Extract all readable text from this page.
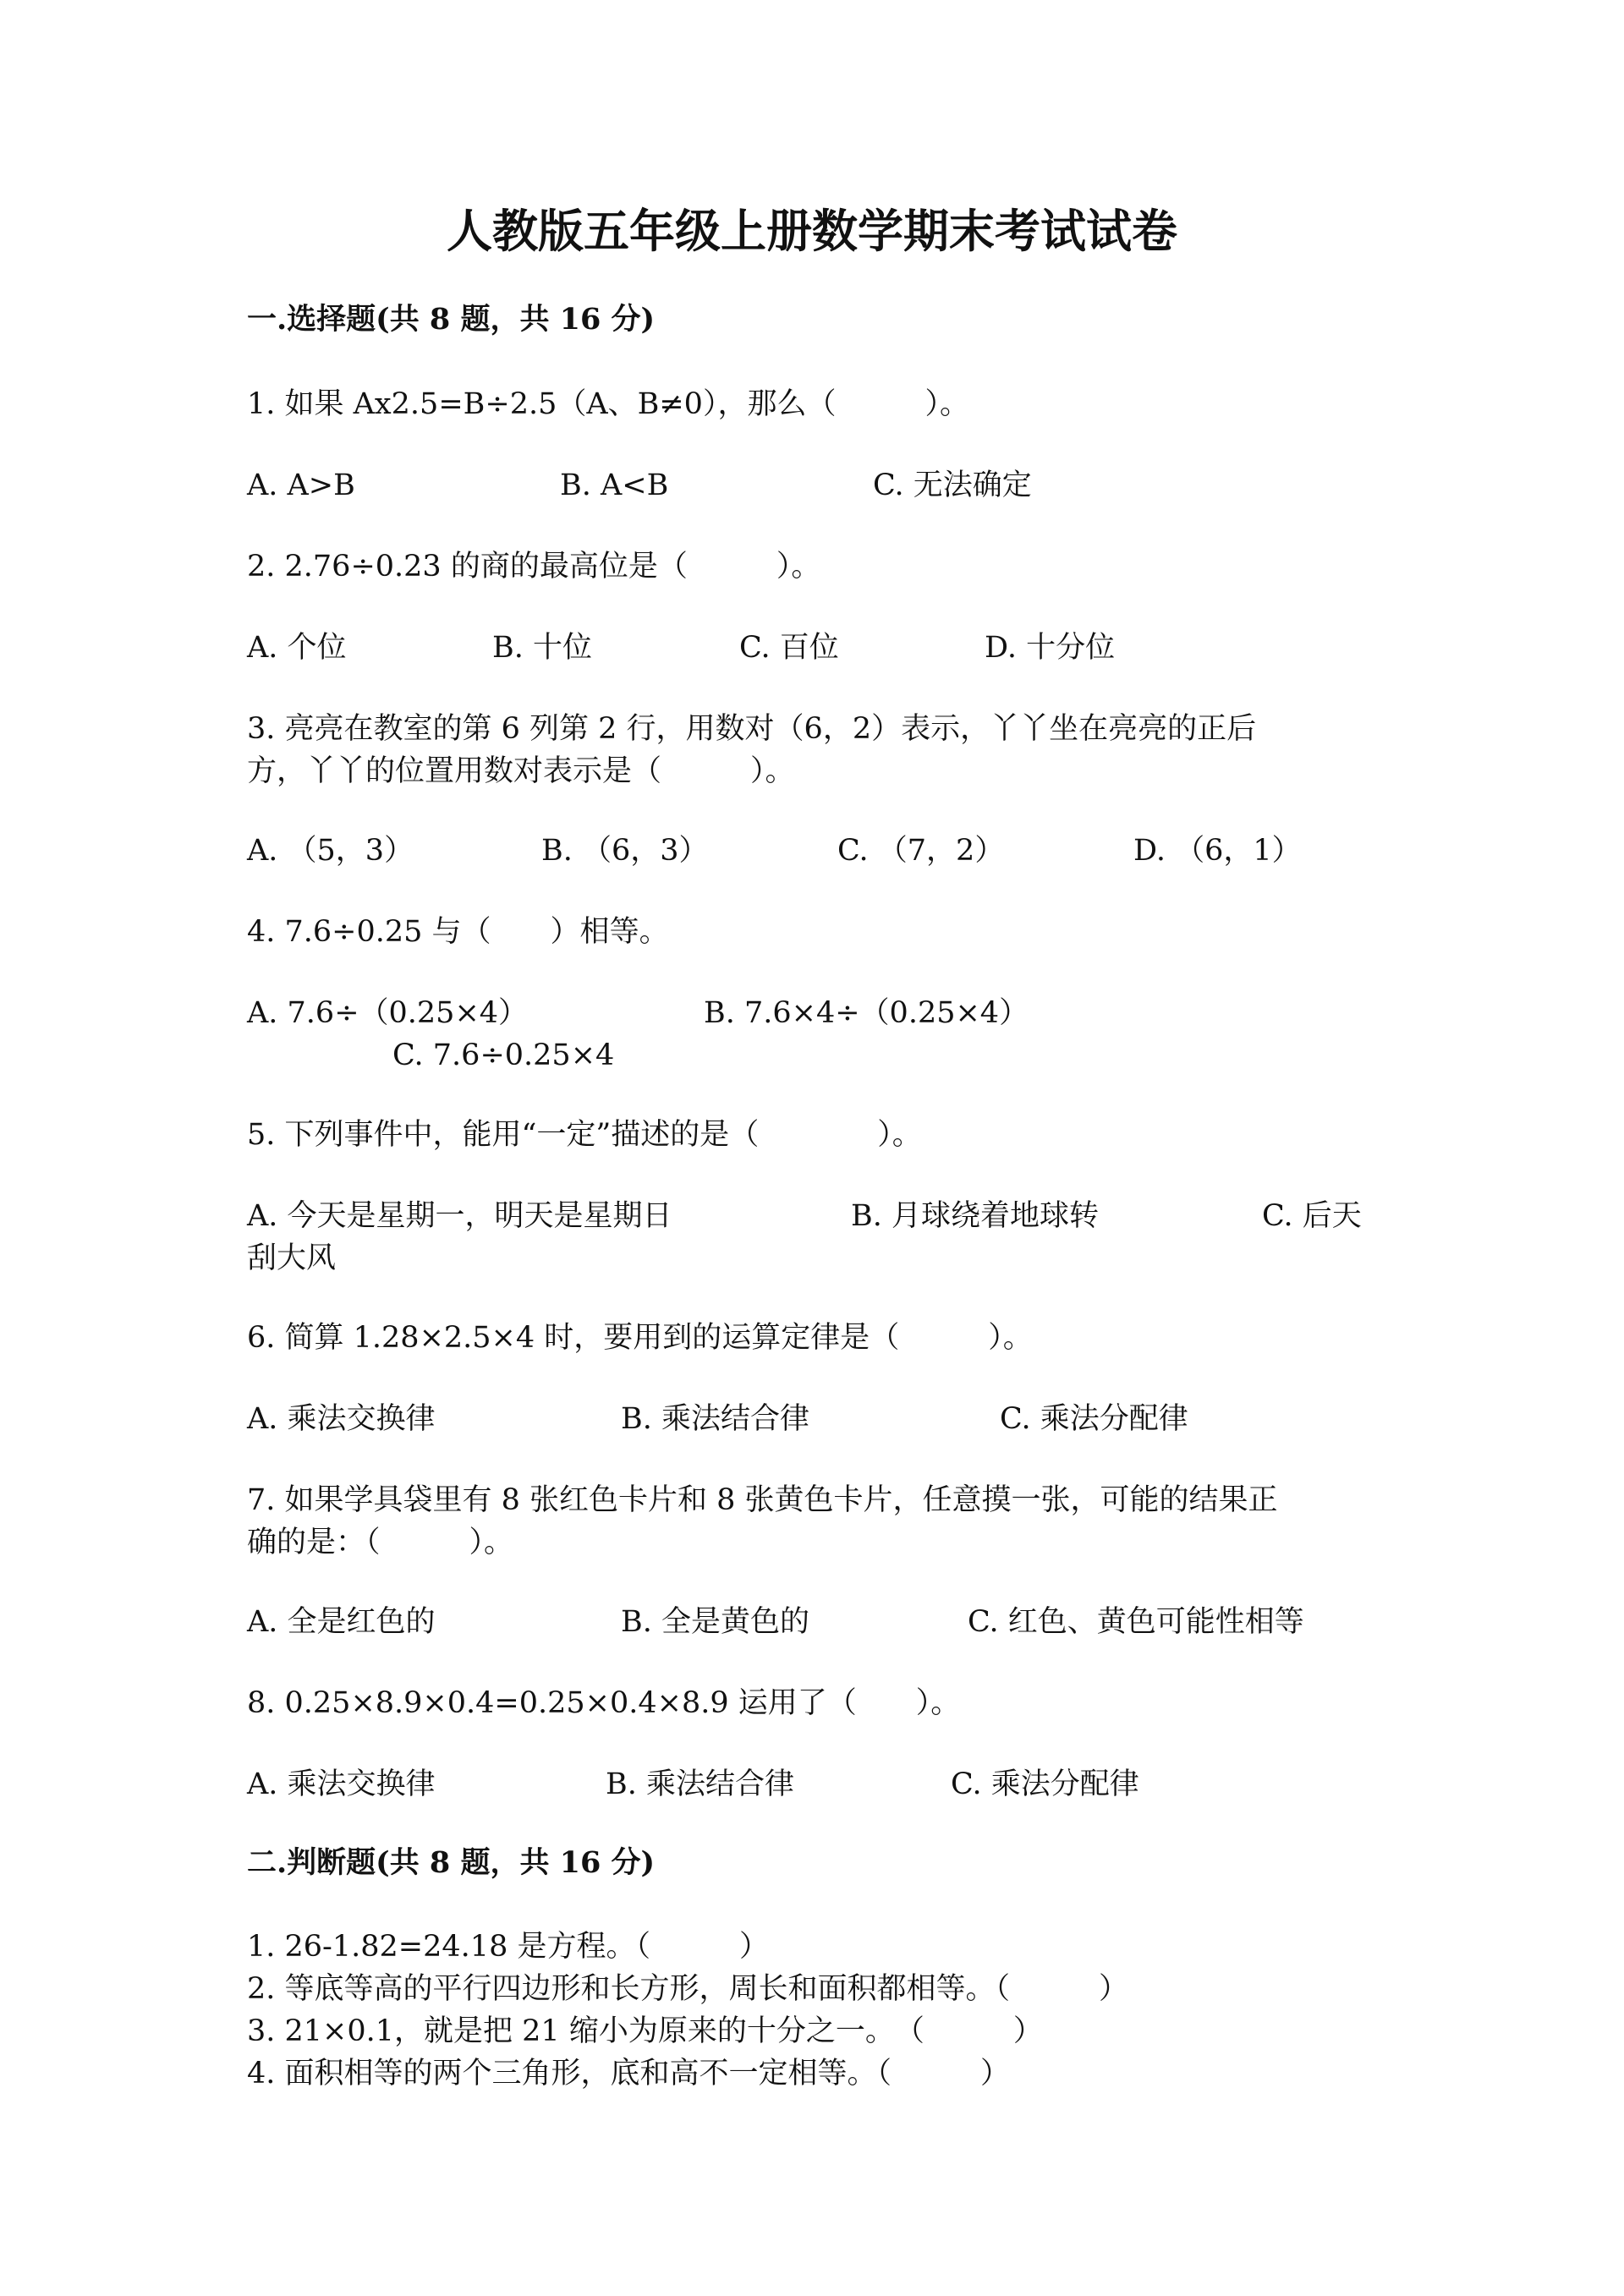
人教版五年级上册数学期末考试试卷
一.选择题(共 8 题，共 16 分)
1. 如果 Ax2.5=B÷2.5（A、B≠0），那么（　　　）。
A. A>B	B. A<B	C. 无法确定
2. 2.76÷0.23 的商的最高位是（　　　）。
A. 个位	B. 十位	C. 百位	D. 十分位
3. 亮亮在教室的第 6 列第 2 行，用数对（6，2）表示，丫丫坐在亮亮的正后
方，丫丫的位置用数对表示是（　　　）。
A. （5，3）	B. （6，3）	C. （7，2）	D. （6，1）
4. 7.6÷0.25 与（　　）相等。
A. 7.6÷（0.25×4）	B. 7.6×4÷（0.25×4）
C. 7.6÷0.25×4
5. 下列事件中，能用“一定”描述的是（　　　　）。
A. 今天是星期一，明天是星期日	B. 月球绕着地球转	C. 后天
刮大风
6. 简算 1.28×2.5×4 时，要用到的运算定律是（　　　）。
A. 乘法交换律	B. 乘法结合律	C. 乘法分配律
7. 如果学具袋里有 8 张红色卡片和 8 张黄色卡片，任意摸一张，可能的结果正
确的是：（　　　）。
A. 全是红色的	B. 全是黄色的	C. 红色、黄色可能性相等
8. 0.25×8.9×0.4=0.25×0.4×8.9 运用了（　　）。
A. 乘法交换律	B. 乘法结合律	C. 乘法分配律
二.判断题(共 8 题，共 16 分)
1. 26-1.82=24.18 是方程。（　　　）
2. 等底等高的平行四边形和长方形，周长和面积都相等。（　　　）
3. 21×0.1，就是把 21 缩小为原来的十分之一。　（　　　）
4. 面积相等的两个三角形，底和高不一定相等。（　　　）
